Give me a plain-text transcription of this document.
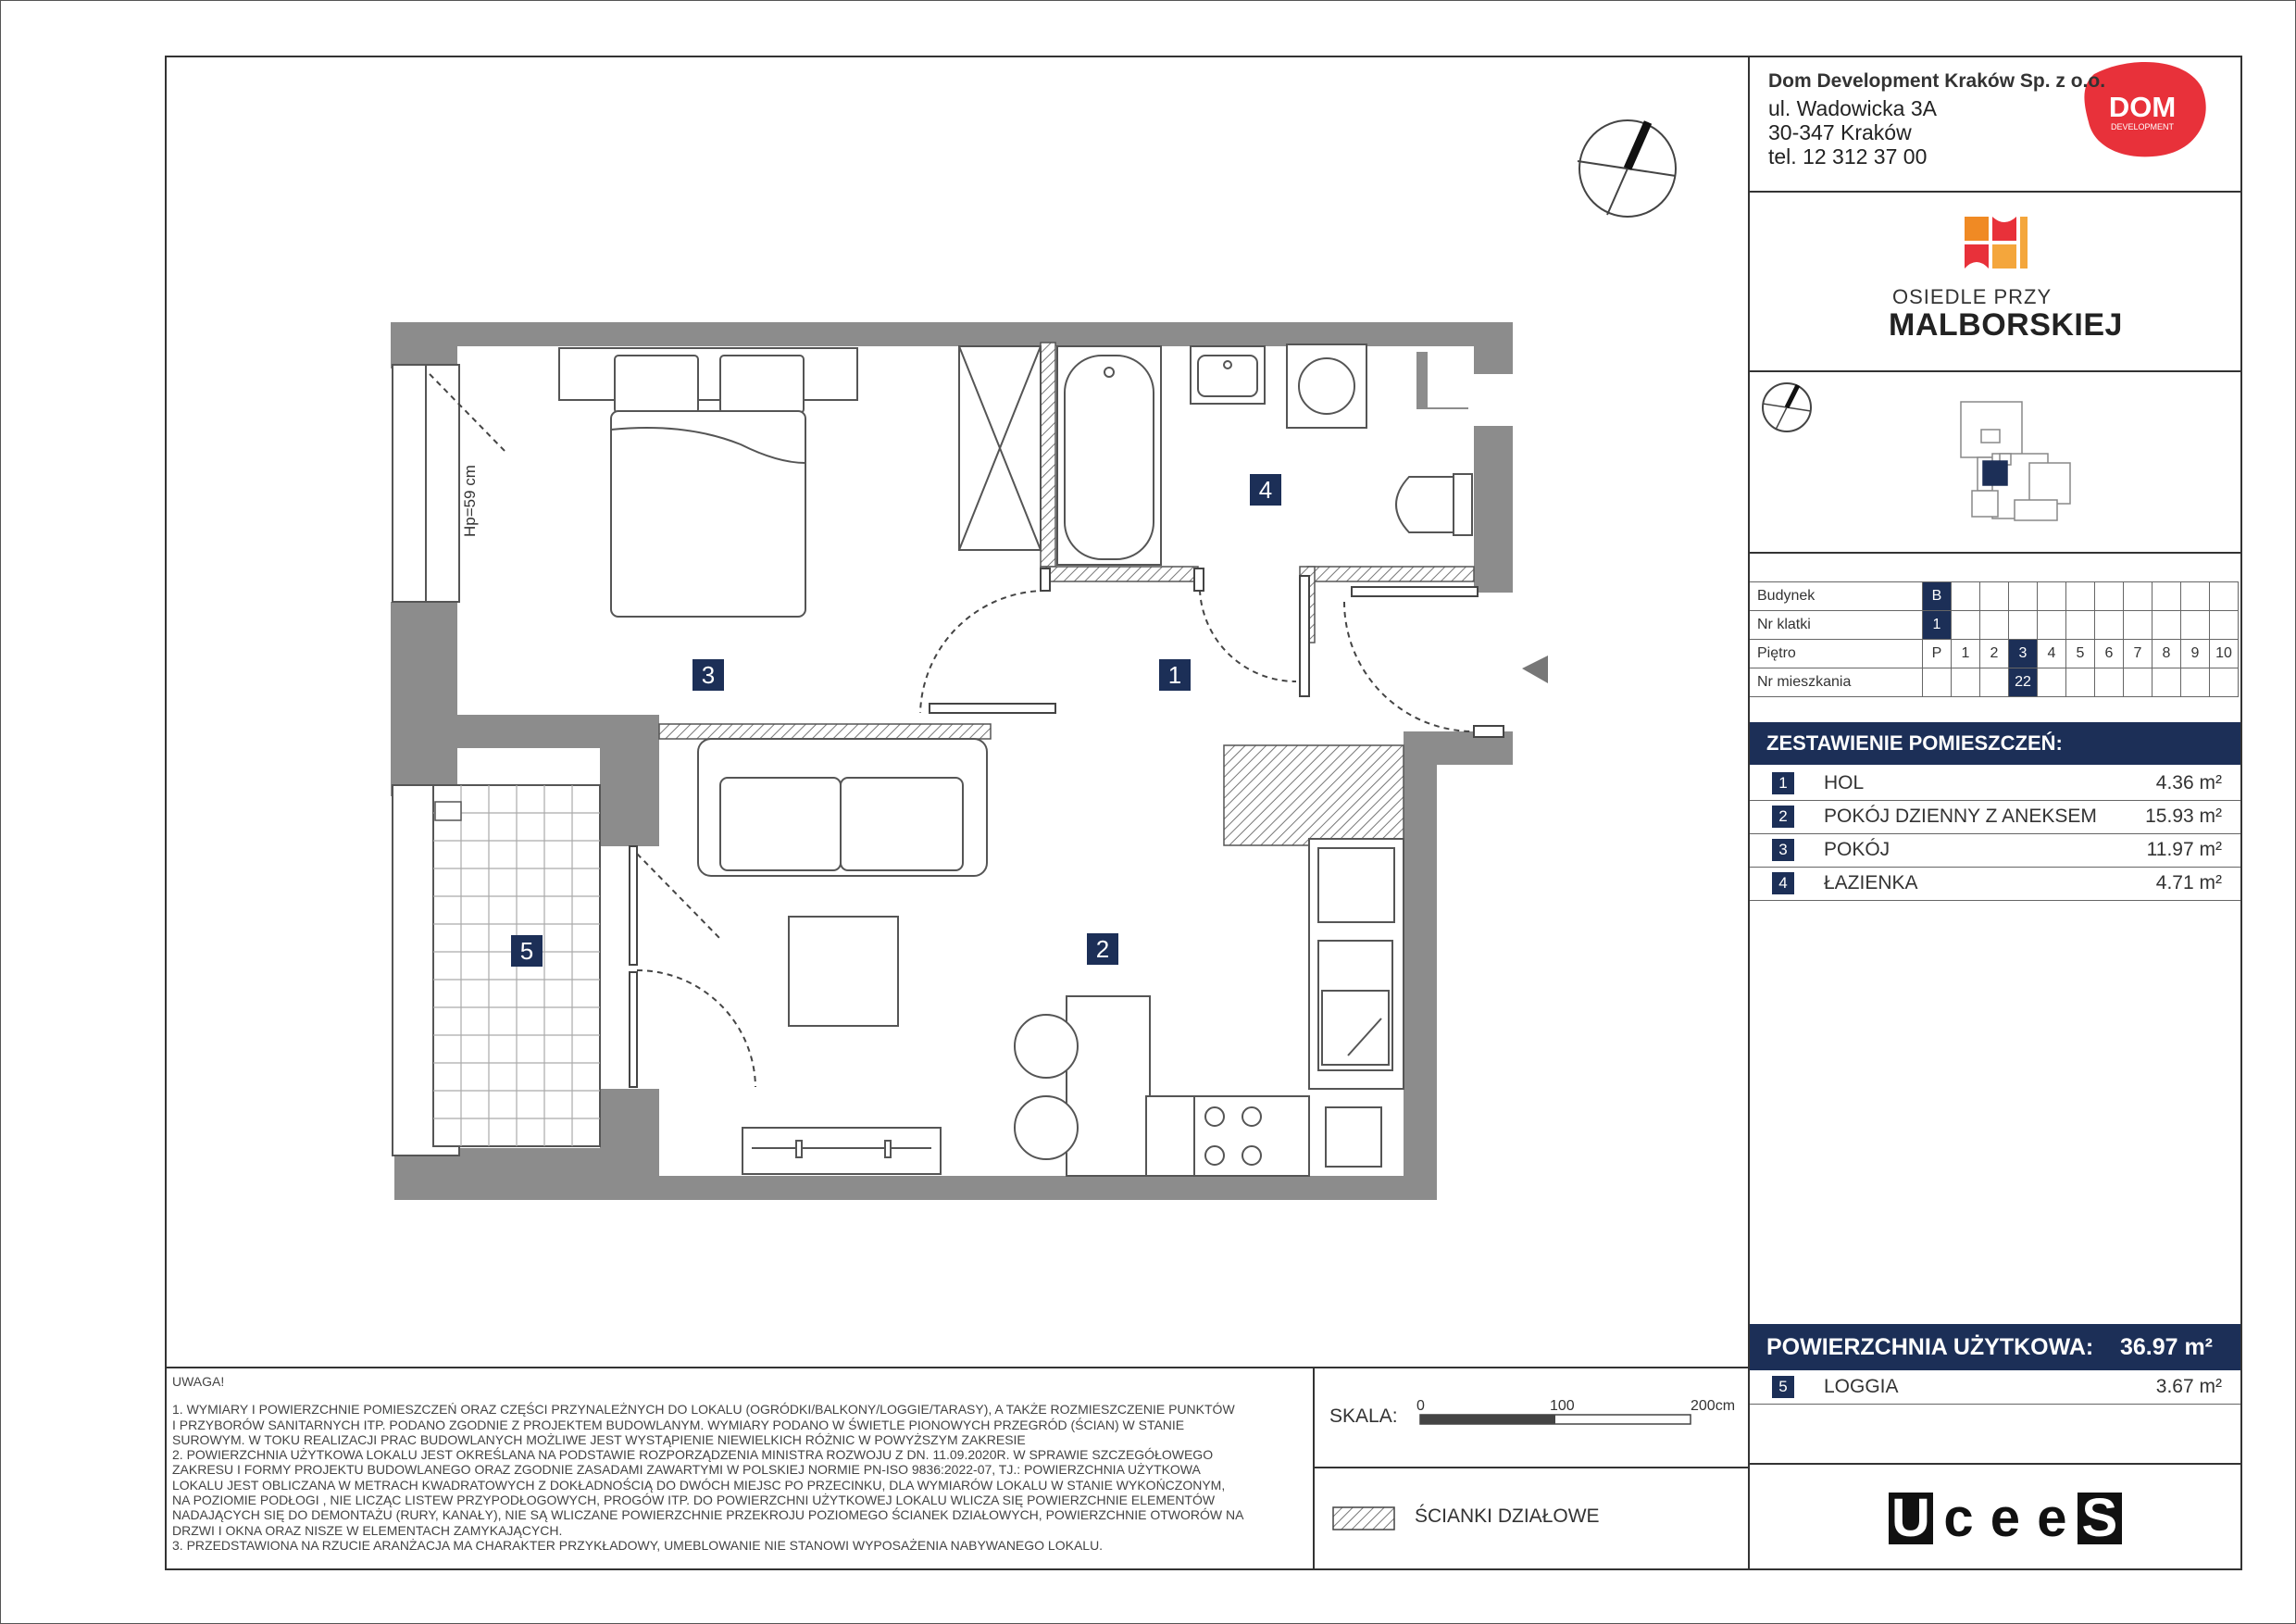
Dom Development Kraków Sp. z o.o.
ul. Wadowicka 3A
30-347 Kraków
tel. 12 312 37 00
DOM
DEVELOPMENT
OSIEDLE PRZY
MALBORSKIEJ
Budynek	B										
Nr klatki	1										
Piętro	P	1	2	3	4	5	6	7	8	9	10
Nr mieszkania				22							
ZESTAWIENIE POMIESZCZEŃ:
1	HOL	4.36 m²
2	POKÓJ DZIENNY Z ANEKSEM 15.93 m²
3	POKÓJ	11.97 m²
4	ŁAZIENKA	4.71 m²
POWIERZCHNIA UŻYTKOWA: 36.97 m²
5	LOGGIA	3.67 m²
1
2
3
4
5
Hp=59 cm

UWAGA!

1. WYMIARY I POWIERZCHNIE POMIESZCZEŃ ORAZ CZĘŚCI PRZYNALEŻNYCH DO LOKALU (OGRÓDKI/BALKONY/LOGGIE/TARASY), A TAKŻE ROZMIESZCZENIE PUNKTÓW

I PRZYBORÓW SANITARNYCH ITP. PODANO ZGODNIE Z PROJEKTEM BUDOWLANYM. WYMIARY PODANO W ŚWIETLE PIONOWYCH PRZEGRÓD (ŚCIAN) W STANIE

SUROWYM. W TOKU REALIZACJI PRAC BUDOWLANYCH MOŻLIWE JEST WYSTĄPIENIE NIEWIELKICH RÓŻNIC W POWYŻSZYM ZAKRESIE

2. POWIERZCHNIA UŻYTKOWA LOKALU JEST OKREŚLANA NA PODSTAWIE ROZPORZĄDZENIA MINISTRA ROZWOJU Z DN. 11.09.2020R. W SPRAWIE SZCZEGÓŁOWEGO

ZAKRESU I FORMY PROJEKTU BUDOWLANEGO ORAZ ZGODNIE ZASADAMI ZAWARTYMI W POLSKIEJ NORMIE PN-ISO 9836:2022-07, TJ.: POWIERZCHNIA UŻYTKOWA

LOKALU JEST OBLICZANA W METRACH KWADRATOWYCH Z DOKŁADNOŚCIĄ DO DWÓCH MIEJSC PO PRZECINKU, DLA WYMIARÓW LOKALU W STANIE WYKOŃCZONYM,

NA POZIOMIE PODŁOGI , NIE LICZĄC LISTEW PRZYPODŁOGOWYCH, PROGÓW ITP. DO POWIERZCHNI UŻYTKOWEJ LOKALU WLICZA SIĘ POWIERZCHNIE ELEMENTÓW

NADAJĄCYCH SIĘ DO DEMONTAŻU (RURY, KANAŁY), NIE SĄ WLICZANE POWIERZCHNIE PRZEKROJU POZIOMEGO ŚCIANEK DZIAŁOWYCH, POWIERZCHNIE OTWORÓW NA

DRZWI I OKNA ORAZ NISZE W ELEMENTACH ZAMYKAJĄCYCH.

3. PRZEDSTAWIONA NA RZUCIE ARANŻACJA MA CHARAKTER PRZYKŁADOWY, UMEBLOWANIE NIE STANOWI WYPOSAŻENIA NABYWANEGO LOKALU.

SKALA: 0	100	200cm
ŚCIANKI DZIAŁOWE	U c e e S
